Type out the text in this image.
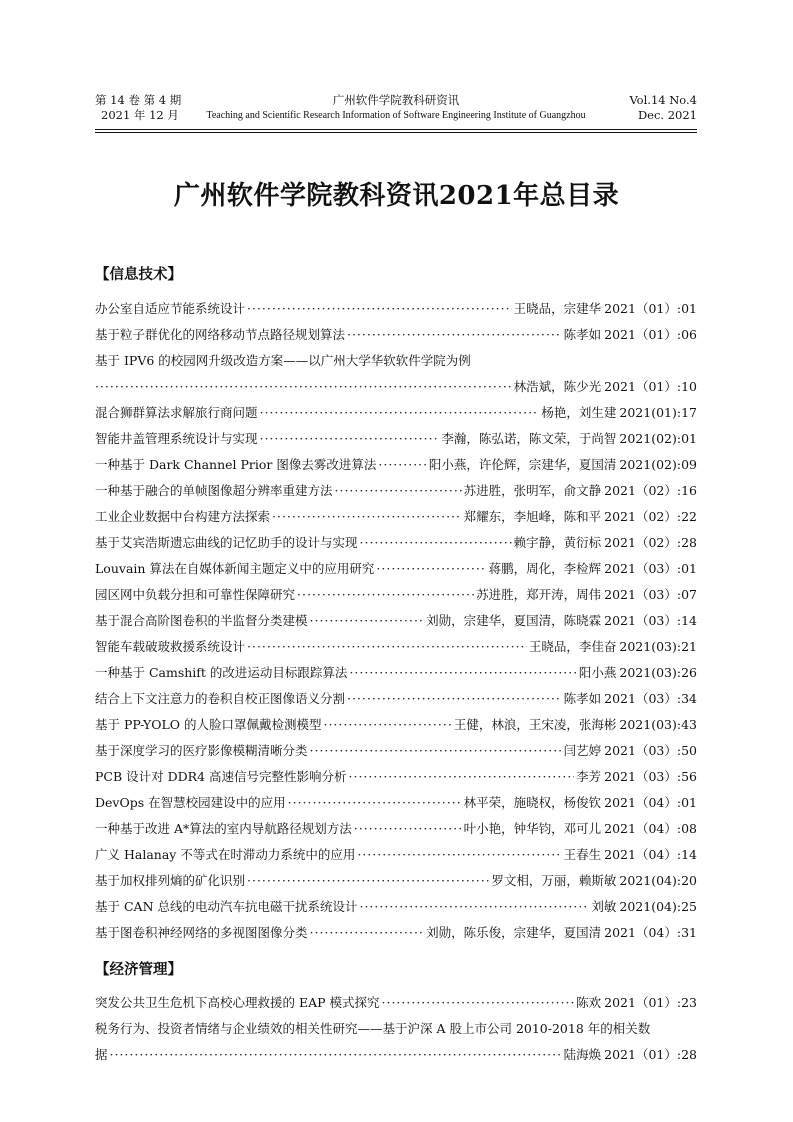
第 14 卷 第 4 期
2021 年 12 月
广州软件学院教科研资讯
Teaching and Scientific Research Information of Software Engineering Institute of Guangzhou
Vol.14 No.4
Dec. 2021
广州软件学院教科资讯2021年总目录
【信息技术】
办公室自适应节能系统设计 ·····	王晓品，宗建华 2021（01）:01
基于粒子群优化的网络移动节点路径规划算法 ·····	陈孝如 2021（01）:06
基于 IPV6 的校园网升级改造方案——以广州大学华软软件学院为例
·····
林浩斌，陈少光 2021（01）:10
混合狮群算法求解旅行商问题 ·····	杨艳，刘生建 2021(01):17
智能井盖管理系统设计与实现 ·····	李瀚，陈弘诺，陈文荣，于尚智 2021(02):01
一种基于 Dark Channel Prior 图像去雾改进算法 ·····	阳小燕，许伦辉，宗建华，夏国清 2021(02):09
一种基于融合的单帧图像超分辨率重建方法 ·····	苏进胜，张明军，俞文静 2021（02）:16
工业企业数据中台构建方法探索 ·····	郑耀东，李旭峰，陈和平 2021（02）:22
基于艾宾浩斯遗忘曲线的记忆助手的设计与实现 ·····	赖宇静，黄衍标 2021（02）:28
Louvain 算法在自媒体新闻主题定义中的应用研究 ·····	蒋鹏，周化，李检辉 2021（03）:01
园区网中负载分担和可靠性保障研究 ·····	苏进胜，郑开涛，周伟 2021（03）:07
基于混合高阶图卷积的半监督分类建模 ·····	刘勋，宗建华，夏国清，陈晓霖 2021（03）:14
智能车载破玻救援系统设计 ·····	王晓品，李佳奋 2021(03):21
一种基于 Camshift 的改进运动目标跟踪算法 ·····	阳小燕 2021(03):26
结合上下文注意力的卷积自校正图像语义分割 ·····	陈孝如 2021（03）:34
基于 PP-YOLO 的人脸口罩佩戴检测模型 ·····	王健，林浪，王宋凌，张海彬 2021(03):43
基于深度学习的医疗影像模糊清晰分类 ·····	闫艺婷 2021（03）:50
PCB 设计对 DDR4 高速信号完整性影响分析 ·····	李芳 2021（03）:56
DevOps 在智慧校园建设中的应用 ·····	林平荣，施晓权，杨俊钦 2021（04）:01
一种基于改进 A*算法的室内导航路径规划方法 ·····	叶小艳，钟华钧，邓可儿 2021（04）:08
广义 Halanay 不等式在时滞动力系统中的应用 ·····	王春生 2021（04）:14
基于加权排列熵的矿化识别 ·····	罗文相，万丽，赖斯敏 2021(04):20
基于 CAN 总线的电动汽车抗电磁干扰系统设计 ·····	刘敏 2021(04):25
基于图卷积神经网络的多视图图像分类 ·····	刘勋，陈乐俊，宗建华，夏国清 2021（04）:31
【经济管理】
突发公共卫生危机下高校心理救援的 EAP 模式探究 ·····	陈欢 2021（01）:23
税务行为、投资者情绪与企业绩效的相关性研究——基于沪深 A 股上市公司 2010-2018 年的相关数
据 ·····	陆海焕 2021（01）:28
